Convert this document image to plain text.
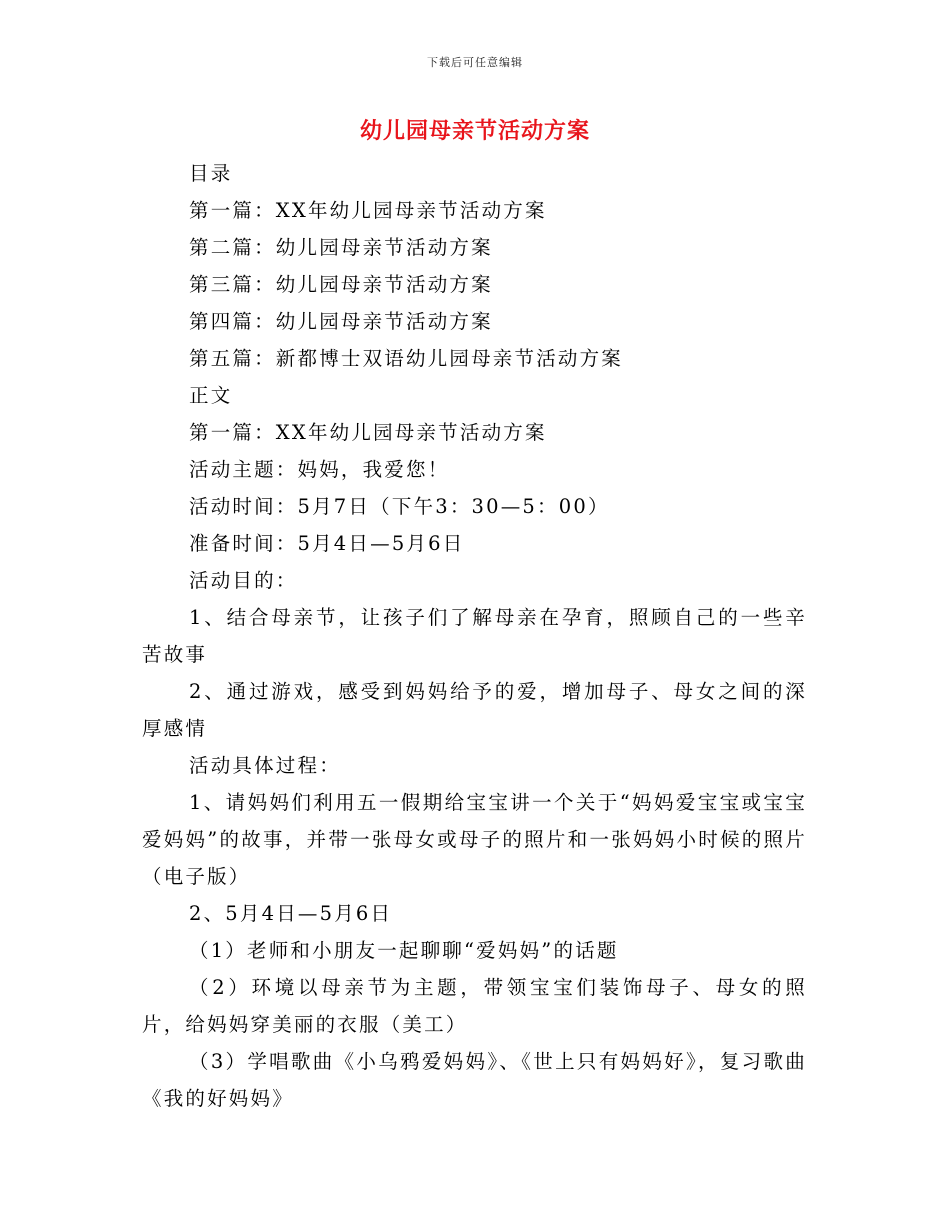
下载后可任意编辑
幼儿园母亲节活动方案
目录
第一篇：XX年幼儿园母亲节活动方案
第二篇：幼儿园母亲节活动方案
第三篇：幼儿园母亲节活动方案
第四篇：幼儿园母亲节活动方案
第五篇：新都博士双语幼儿园母亲节活动方案
正文
第一篇：XX年幼儿园母亲节活动方案
活动主题：妈妈，我爱您！
活动时间：5月7日（下午3：30—5：00）
准备时间：5月4日—5月6日
活动目的：
1、结合母亲节，让孩子们了解母亲在孕育，照顾自己的一些辛苦故事
2、通过游戏，感受到妈妈给予的爱，增加母子、母女之间的深厚感情
活动具体过程：
1、请妈妈们利用五一假期给宝宝讲一个关于“妈妈爱宝宝或宝宝爱妈妈”的故事，并带一张母女或母子的照片和一张妈妈小时候的照片（电子版）
2、5月4日—5月6日
（1）老师和小朋友一起聊聊“爱妈妈”的话题
（2）环境以母亲节为主题，带领宝宝们装饰母子、母女的照片，给妈妈穿美丽的衣服（美工）
（3）学唱歌曲《小乌鸦爱妈妈》、《世上只有妈妈好》，复习歌曲《我的好妈妈》
